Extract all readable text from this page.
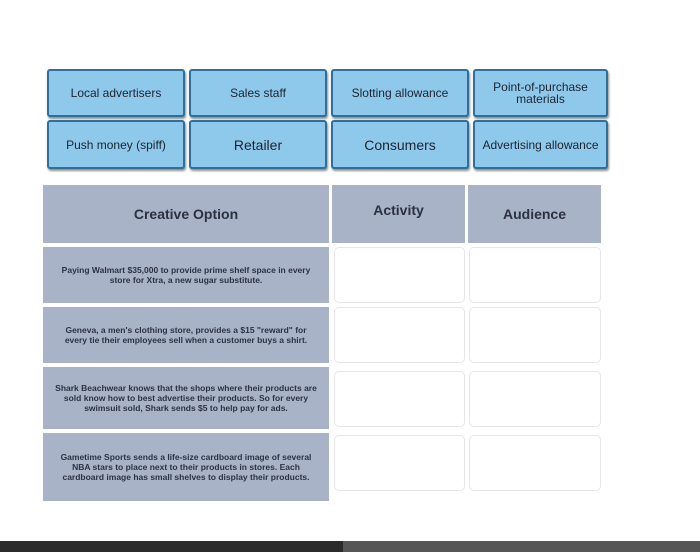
Local advertisers	Sales staff	Slotting allowance	Point-of-purchase materials
Push money (spiff)	Retailer	Consumers	Advertising allowance
Creative Option	Activity	Audience
Paying Walmart $35,000 to provide prime shelf space in every store for Xtra, a new sugar substitute.
Geneva, a men's clothing store, provides a $15 "reward" for every tie their employees sell when a customer buys a shirt.
Shark Beachwear knows that the shops where their products are sold know how to best advertise their products. So for every swimsuit sold, Shark sends $5 to help pay for ads.
Gametime Sports sends a life-size cardboard image of several NBA stars to place next to their products in stores. Each cardboard image has small shelves to display their products.
